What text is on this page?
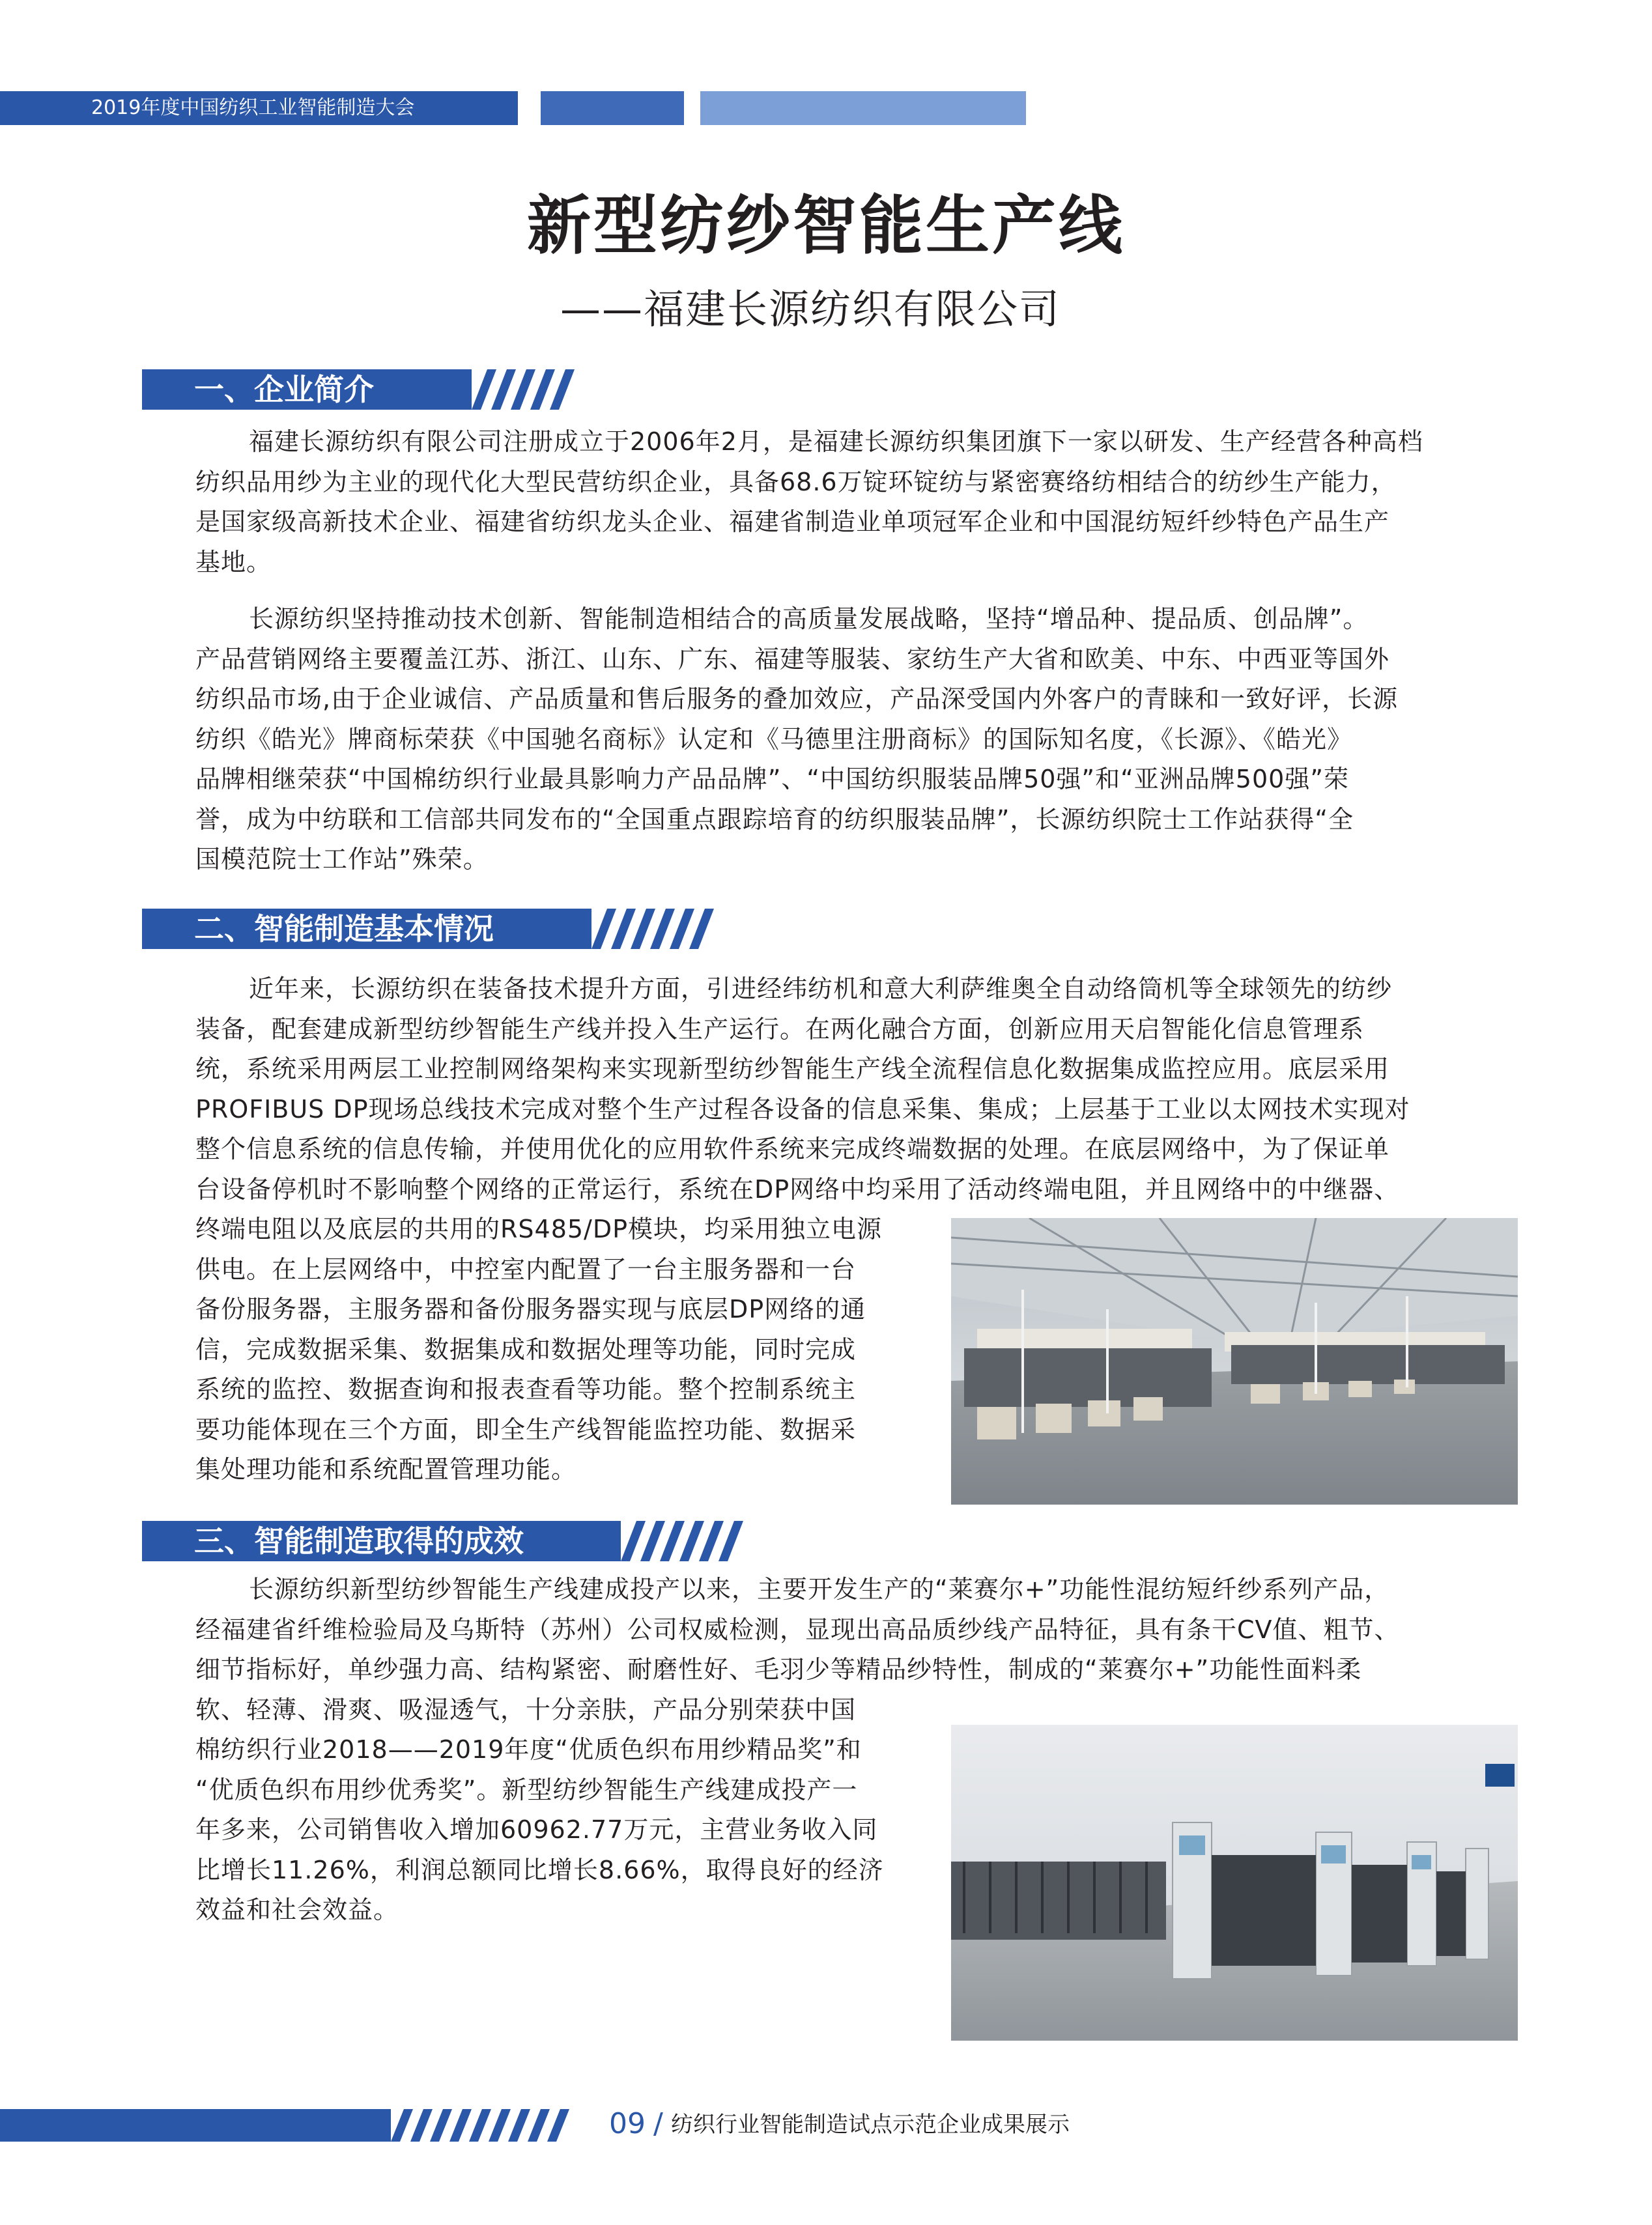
2019年度中国纺织工业智能制造大会
新型纺纱智能生产线
——福建长源纺织有限公司
一、企业简介
福建长源纺织有限公司注册成立于2006年2月，是福建长源纺织集团旗下一家以研发、生产经营各种高档
纺织品用纱为主业的现代化大型民营纺织企业，具备68.6万锭环锭纺与紧密赛络纺相结合的纺纱生产能力，
是国家级高新技术企业、福建省纺织龙头企业、福建省制造业单项冠军企业和中国混纺短纤纱特色产品生产
基地。
长源纺织坚持推动技术创新、智能制造相结合的高质量发展战略，坚持“增品种、提品质、创品牌”。
产品营销网络主要覆盖江苏、浙江、山东、广东、福建等服装、家纺生产大省和欧美、中东、中西亚等国外
纺织品市场,由于企业诚信、产品质量和售后服务的叠加效应，产品深受国内外客户的青睐和一致好评，长源
纺织《皓光》牌商标荣获《中国驰名商标》认定和《马德里注册商标》的国际知名度，《长源》、《皓光》
品牌相继荣获“中国棉纺织行业最具影响力产品品牌”、“中国纺织服装品牌50强”和“亚洲品牌500强”荣
誉，成为中纺联和工信部共同发布的“全国重点跟踪培育的纺织服装品牌”，长源纺织院士工作站获得“全
国模范院士工作站”殊荣。
二、智能制造基本情况
近年来，长源纺织在装备技术提升方面，引进经纬纺机和意大利萨维奥全自动络筒机等全球领先的纺纱
装备，配套建成新型纺纱智能生产线并投入生产运行。在两化融合方面，创新应用天启智能化信息管理系
统，系统采用两层工业控制网络架构来实现新型纺纱智能生产线全流程信息化数据集成监控应用。底层采用
PROFIBUS DP现场总线技术完成对整个生产过程各设备的信息采集、集成；上层基于工业以太网技术实现对
整个信息系统的信息传输，并使用优化的应用软件系统来完成终端数据的处理。在底层网络中，为了保证单
台设备停机时不影响整个网络的正常运行，系统在DP网络中均采用了活动终端电阻，并且网络中的中继器、
终端电阻以及底层的共用的RS485/DP模块，均采用独立电源
供电。在上层网络中，中控室内配置了一台主服务器和一台
备份服务器，主服务器和备份服务器实现与底层DP网络的通
信，完成数据采集、数据集成和数据处理等功能，同时完成
系统的监控、数据查询和报表查看等功能。整个控制系统主
要功能体现在三个方面，即全生产线智能监控功能、数据采
集处理功能和系统配置管理功能。
三、智能制造取得的成效
长源纺织新型纺纱智能生产线建成投产以来，主要开发生产的“莱赛尔+”功能性混纺短纤纱系列产品，
经福建省纤维检验局及乌斯特（苏州）公司权威检测，显现出高品质纱线产品特征，具有条干CV值、粗节、
细节指标好，单纱强力高、结构紧密、耐磨性好、毛羽少等精品纱特性，制成的“莱赛尔+”功能性面料柔
软、轻薄、滑爽、吸湿透气，十分亲肤，产品分别荣获中国
棉纺织行业2018——2019年度“优质色织布用纱精品奖”和
“优质色织布用纱优秀奖”。新型纺纱智能生产线建成投产一
年多来，公司销售收入增加60962.77万元，主营业务收入同
比增长11.26%，利润总额同比增长8.66%，取得良好的经济
效益和社会效益。
09 / 纺织行业智能制造试点示范企业成果展示
